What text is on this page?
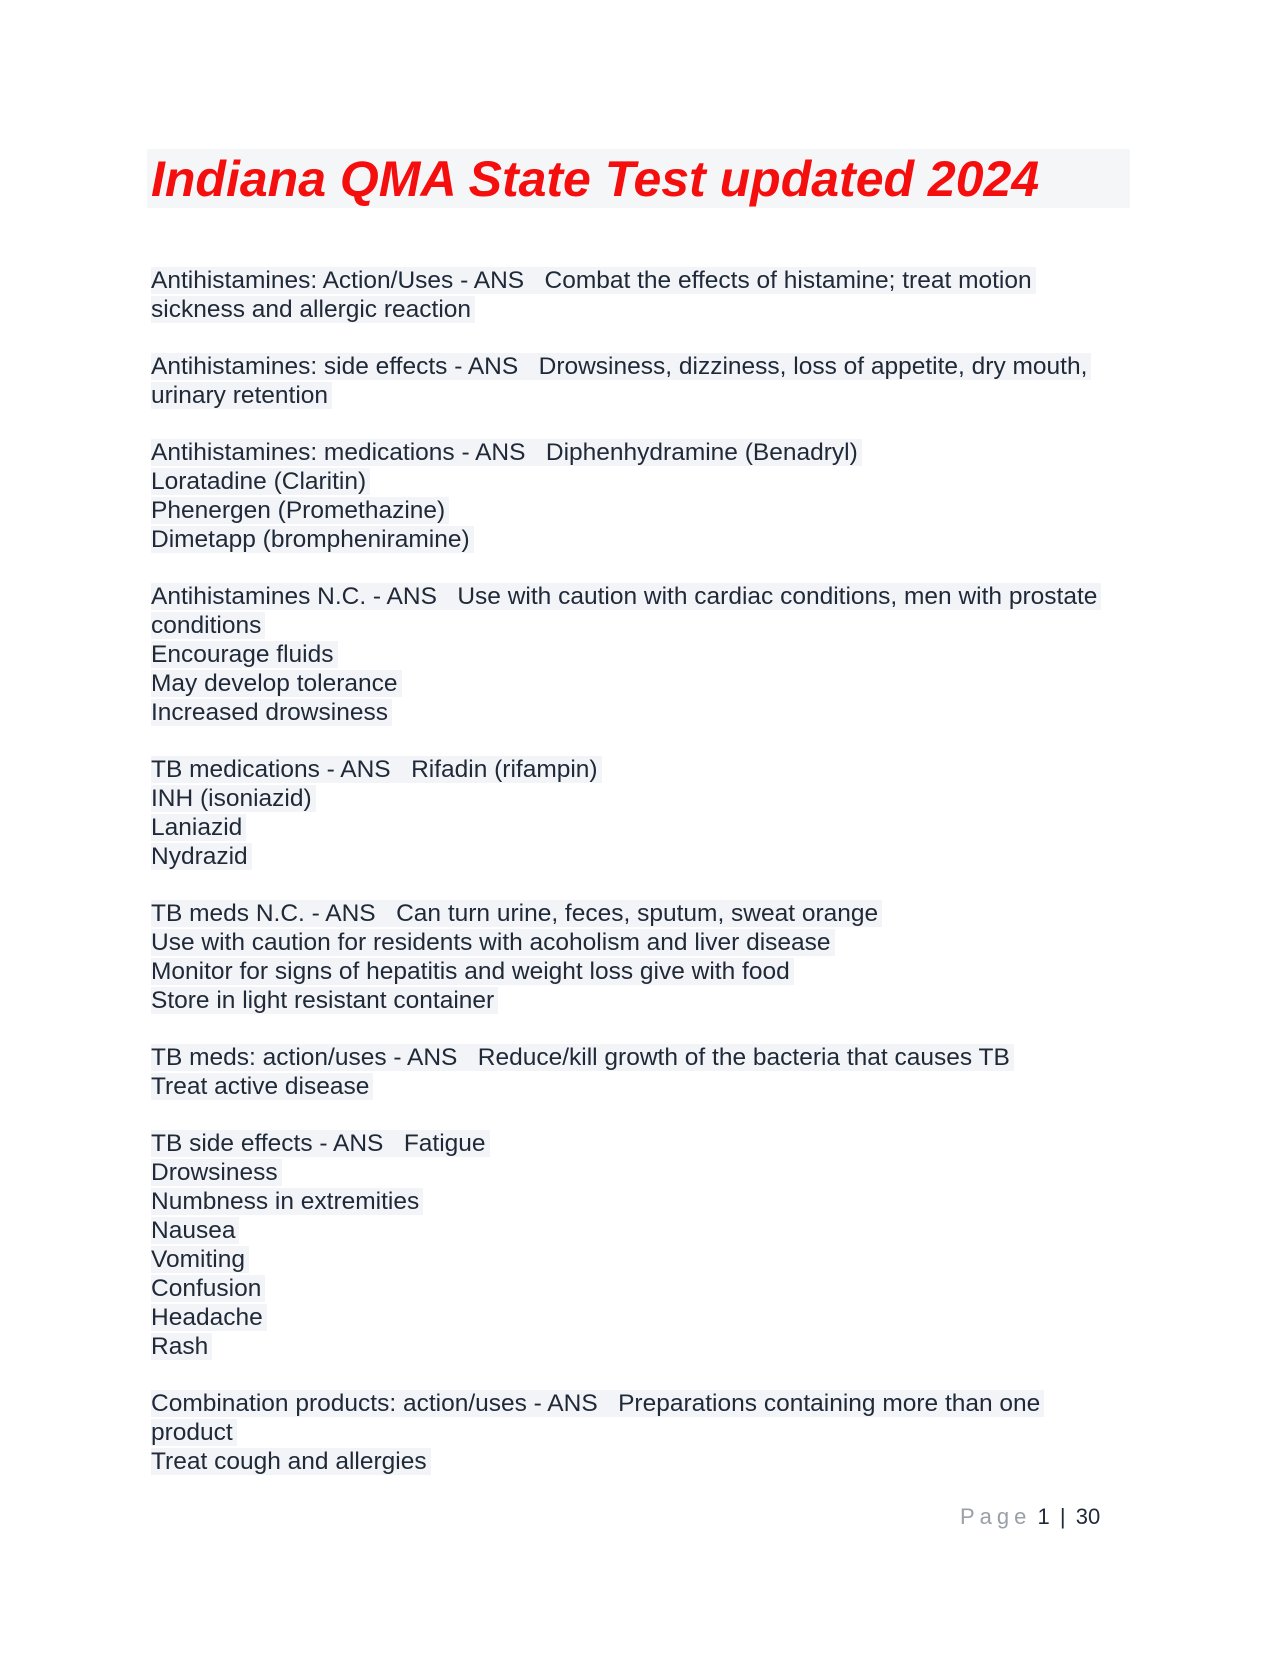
Indiana QMA State Test updated 2024
Antihistamines: Action/Uses - ANS Combat the effects of histamine; treat motion
sickness and allergic reaction
Antihistamines: side effects - ANS Drowsiness, dizziness, loss of appetite, dry mouth,
urinary retention
Antihistamines: medications - ANS Diphenhydramine (Benadryl)
Loratadine (Claritin)
Phenergen (Promethazine)
Dimetapp (brompheniramine)
Antihistamines N.C. - ANS Use with caution with cardiac conditions, men with prostate
conditions
Encourage fluids
May develop tolerance
Increased drowsiness
TB medications - ANS Rifadin (rifampin)
INH (isoniazid)
Laniazid
Nydrazid
TB meds N.C. - ANS Can turn urine, feces, sputum, sweat orange
Use with caution for residents with acoholism and liver disease
Monitor for signs of hepatitis and weight loss give with food
Store in light resistant container
TB meds: action/uses - ANS Reduce/kill growth of the bacteria that causes TB
Treat active disease
TB side effects - ANS Fatigue
Drowsiness
Numbness in extremities
Nausea
Vomiting
Confusion
Headache
Rash
Combination products: action/uses - ANS Preparations containing more than one
product
Treat cough and allergies
Page 1 | 30
